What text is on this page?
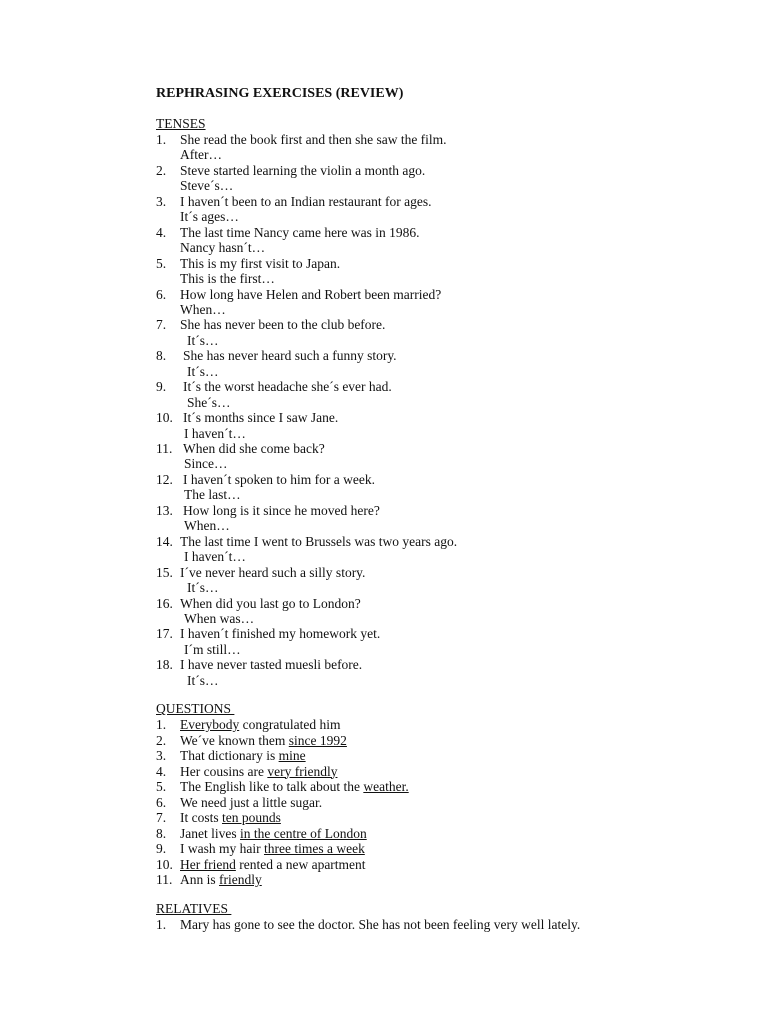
REPHRASING EXERCISES (REVIEW)
TENSES
1. She read the book first and then she saw the film.
After…
2. Steve started learning the violin a month ago.
Steve´s…
3. I haven´t been to an Indian restaurant for ages.
It´s ages…
4. The last time Nancy came here was in 1986.
Nancy hasn´t…
5. This is my first visit to Japan.
This is the first…
6. How long have Helen and Robert been married?
When…
7. She has never been to the club before.
It´s…
8. She has never heard such a funny story.
It´s…
9. It´s the worst headache she´s ever had.
She´s…
10. It´s months since I saw Jane.
I haven´t…
11. When did she come back?
Since…
12. I haven´t spoken to him for a week.
The last…
13. How long is it since he moved here?
When…
14. The last time I went to Brussels was two years ago.
I haven´t…
15. I´ve never heard such a silly story.
It´s…
16. When did you last go to London?
When was…
17. I haven´t finished my homework yet.
I´m still…
18. I have never tasted muesli before.
It´s…
QUESTIONS
1. Everybody congratulated him
2. We´ve known them since 1992
3. That dictionary is mine
4. Her cousins are very friendly
5. The English like to talk about the weather.
6. We need just a little sugar.
7. It costs ten pounds
8. Janet lives in the centre of London
9. I wash my hair three times a week
10. Her friend rented a new apartment
11. Ann is friendly
RELATIVES
1. Mary has gone to see the doctor. She has not been feeling very well lately.
